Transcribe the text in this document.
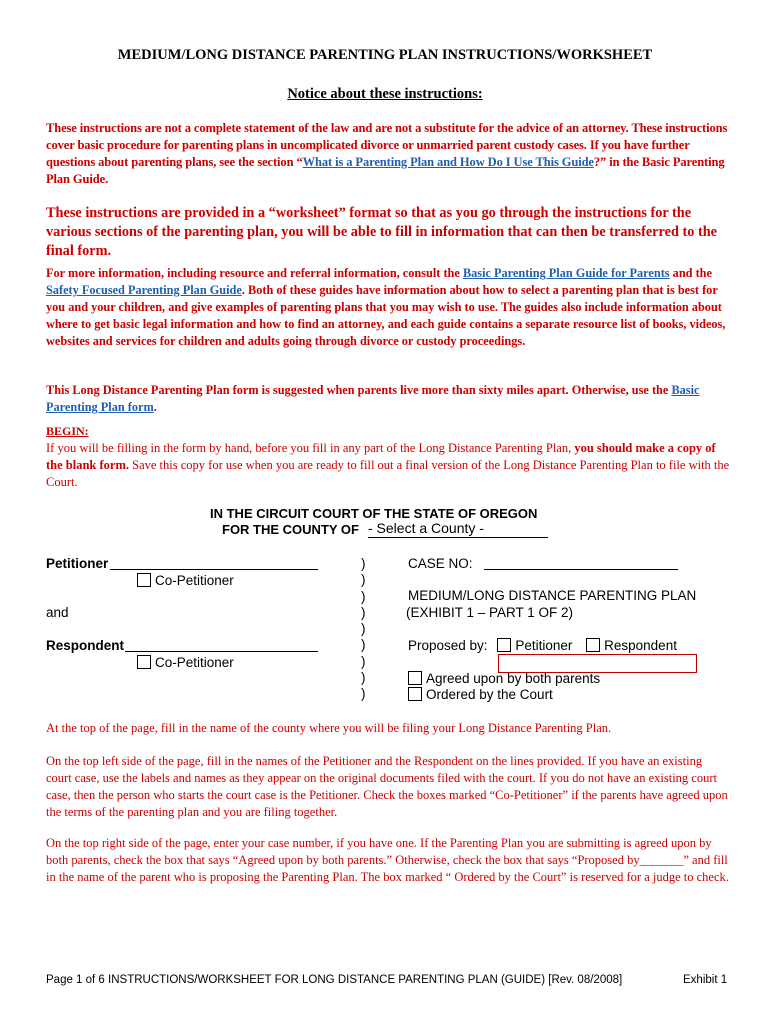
MEDIUM/LONG DISTANCE PARENTING PLAN INSTRUCTIONS/WORKSHEET
Notice about these instructions:

These instructions are not a complete statement of the law and are not a substitute for the advice of an attorney. These instructions cover basic procedure for parenting plans in uncomplicated divorce or unmarried parent custody cases. If you have further questions about parenting plans, see the section “What is a Parenting Plan and How Do I Use This Guide?” in the Basic Parenting Plan Guide.

These instructions are provided in a “worksheet” format so that as you go through the instructions for the various sections of the parenting plan, you will be able to fill in information that can then be transferred to the final form.

For more information, including resource and referral information, consult the Basic Parenting Plan Guide for Parents and the Safety Focused Parenting Plan Guide. Both of these guides have information about how to select a parenting plan that is best for you and your children, and give examples of parenting plans that you may wish to use. The guides also include information about where to get basic legal information and how to find an attorney, and each guide contains a separate resource list of books, videos, websites and services for children and adults going through divorce or custody proceedings.

This Long Distance Parenting Plan form is suggested when parents live more than sixty miles apart. Otherwise, use the Basic Parenting Plan form.

BEGIN:

If you will be filling in the form by hand, before you fill in any part of the Long Distance Parenting Plan, you should make a copy of the blank form. Save this copy for use when you are ready to fill out a final version of the Long Distance Parenting Plan to file with the Court.

IN THE CIRCUIT COURT OF THE STATE OF OREGON
FOR THE COUNTY OF - Select a County -
Petitioner
Co-Petitioner
and
Respondent
Co-Petitioner
)
)
)
)
)
)
)
)
)
CASE NO:
MEDIUM/LONG DISTANCE PARENTING PLAN
(EXHIBIT 1 – PART 1 OF 2)
Proposed by: Petitioner Respondent
Agreed upon by both parents
Ordered by the Court

At the top of the page, fill in the name of the county where you will be filing your Long Distance Parenting Plan.

On the top left side of the page, fill in the names of the Petitioner and the Respondent on the lines provided. If you have an existing court case, use the labels and names as they appear on the original documents filed with the court. If you do not have an existing court case, then the person who starts the court case is the Petitioner. Check the boxes marked “Co-Petitioner” if the parents have agreed upon the terms of the parenting plan and you are filing together.

On the top right side of the page, enter your case number, if you have one. If the Parenting Plan you are submitting is agreed upon by both parents, check the box that says “Agreed upon by both parents.” Otherwise, check the box that says “Proposed by_______” and fill in the name of the parent who is proposing the Parenting Plan. The box marked “ Ordered by the Court” is reserved for a judge to check.

Page 1 of 6 INSTRUCTIONS/WORKSHEET FOR LONG DISTANCE PARENTING PLAN (GUIDE) [Rev. 08/2008]	Exhibit 1
